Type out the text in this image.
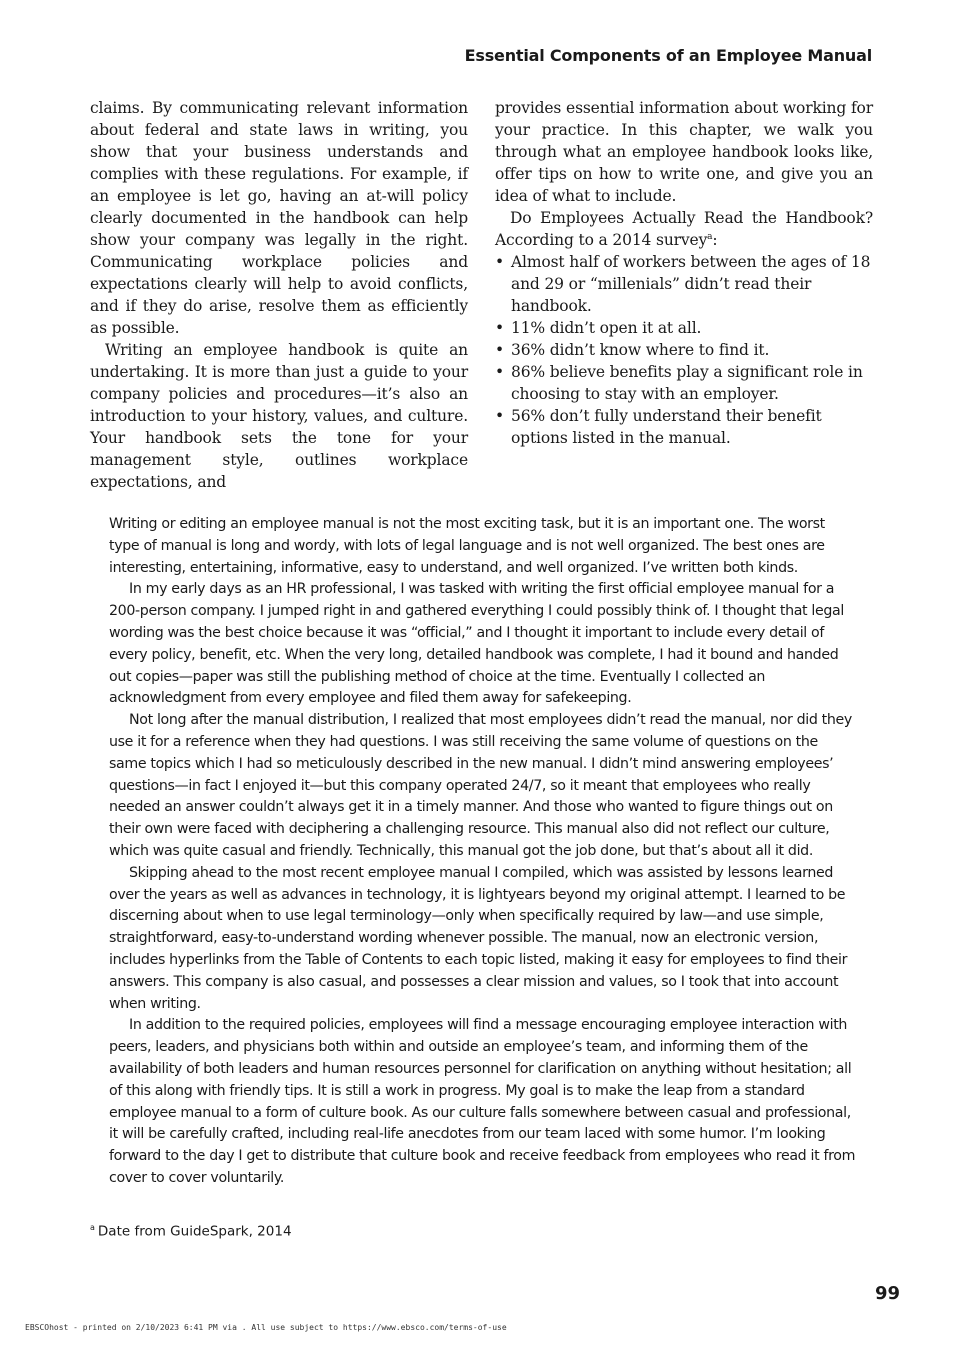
Essential Components of an Employee Manual

claims. By communicating relevant information about federal and state laws in writing, you show that your business understands and complies with these regulations. For example, if an employee is let go, having an at-will policy clearly documented in the handbook can help show your company was legally in the right. Communicating workplace policies and expectations clearly will help to avoid conflicts, and if they do arise, resolve them as efficiently as possible.

Writing an employee handbook is quite an undertaking. It is more than just a guide to your company policies and procedures—it’s also an introduction to your history, values, and culture. Your handbook sets the tone for your management style, outlines workplace expectations, and

provides essential information about working for your practice. In this chapter, we walk you through what an employee handbook looks like, offer tips on how to write one, and give you an idea of what to include.

Do Employees Actually Read the Handbook? According to a 2014 survey$^a$:

• Almost half of workers between the ages of 18 and 29 or “millenials” didn’t read their handbook.
• 11% didn’t open it at all.
• 36% didn’t know where to find it.
• 86% believe benefits play a significant role in choosing to stay with an employer.
• 56% don’t fully understand their benefit options listed in the manual.

Writing or editing an employee manual is not the most exciting task, but it is an important one. The worst type of manual is long and wordy, with lots of legal language and is not well organized. The best ones are interesting, entertaining, informative, easy to understand, and well organized. I’ve written both kinds.

In my early days as an HR professional, I was tasked with writing the first official employee manual for a 200-person company. I jumped right in and gathered everything I could possibly think of. I thought that legal wording was the best choice because it was “official,” and I thought it important to include every detail of every policy, benefit, etc. When the very long, detailed handbook was complete, I had it bound and handed out copies—paper was still the publishing method of choice at the time. Eventually I collected an acknowledgment from every employee and filed them away for safekeeping.

Not long after the manual distribution, I realized that most employees didn’t read the manual, nor did they use it for a reference when they had questions. I was still receiving the same volume of questions on the same topics which I had so meticulously described in the new manual. I didn’t mind answering employees’ questions—in fact I enjoyed it—but this company operated 24/7, so it meant that employees who really needed an answer couldn’t always get it in a timely manner. And those who wanted to figure things out on their own were faced with deciphering a challenging resource. This manual also did not reflect our culture, which was quite casual and friendly. Technically, this manual got the job done, but that’s about all it did.

Skipping ahead to the most recent employee manual I compiled, which was assisted by lessons learned over the years as well as advances in technology, it is lightyears beyond my original attempt. I learned to be discerning about when to use legal terminology—only when specifically required by law—and use simple, straightforward, easy-to-understand wording whenever possible. The manual, now an electronic version, includes hyperlinks from the Table of Contents to each topic listed, making it easy for employees to find their answers. This company is also casual, and possesses a clear mission and values, so I took that into account when writing.

In addition to the required policies, employees will find a message encouraging employee interaction with peers, leaders, and physicians both within and outside an employee’s team, and informing them of the availability of both leaders and human resources personnel for clarification on anything without hesitation; all of this along with friendly tips. It is still a work in progress. My goal is to make the leap from a standard employee manual to a form of culture book. As our culture falls somewhere between casual and professional, it will be carefully crafted, including real-life anecdotes from our team laced with some humor. I’m looking forward to the day I get to distribute that culture book and receive feedback from employees who read it from cover to cover voluntarily.

$^a$ Date from GuideSpark, 2014
99
EBSCOhost - printed on 2/10/2023 6:41 PM via . All use subject to https://www.ebsco.com/terms-of-use
